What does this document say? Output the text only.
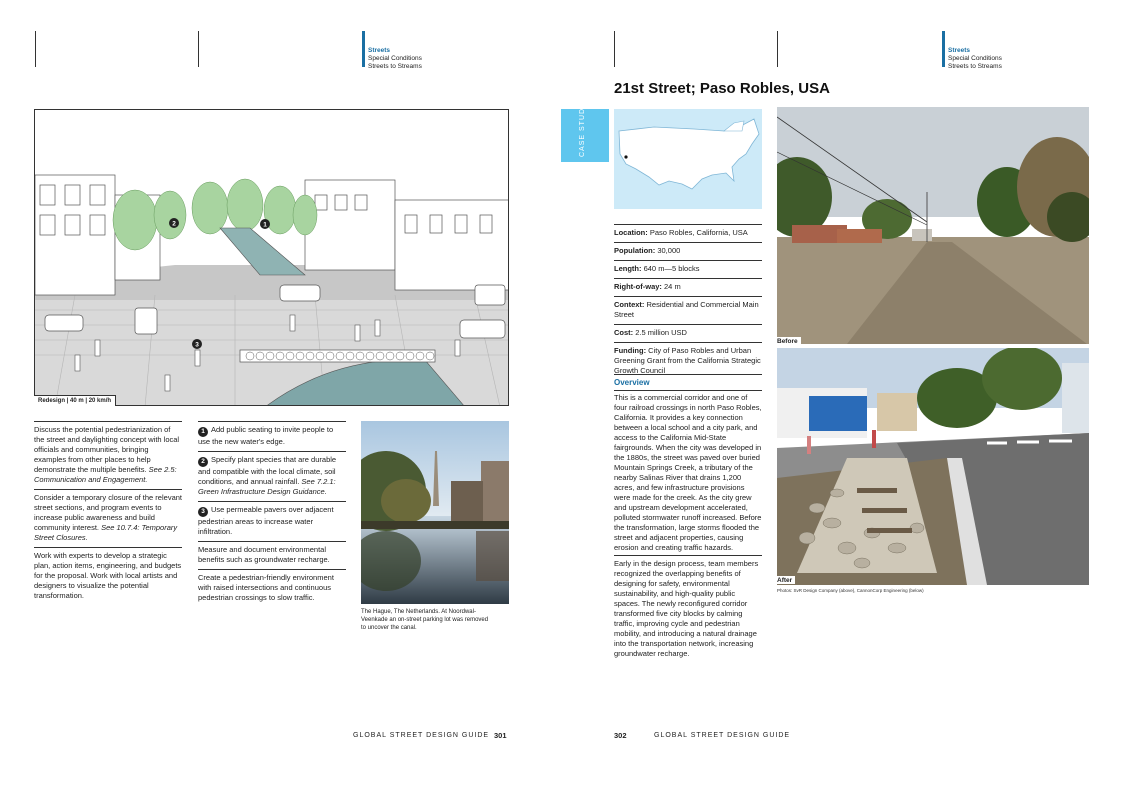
Streets
Special Conditions
Streets to Streams
Streets
Special Conditions
Streets to Streams
21st Street; Paso Robles, USA
2	1
3
Redesign | 40 m | 20 km/h

Discuss the potential pedestrianization of the street and daylighting concept with local officials and communities, bringing examples from other places to help demonstrate the multiple benefits. See 2.5: Communication and Engagement.

Consider a temporary closure of the relevant street sections, and program events to increase public awareness and build community interest. See 10.7.4: Temporary Street Closures.

Work with experts to develop a strategic plan, action items, engineering, and budgets for the proposal. Work with local artists and designers to visualize the potential transformation.

1 Add public seating to invite people to use the new water's edge.

2 Specify plant species that are durable and compatible with the local climate, soil conditions, and annual rainfall. See 7.2.1: Green Infrastructure Design Guidance.

3 Use permeable pavers over adjacent pedestrian areas to increase water infiltration.

Measure and document environmental benefits such as groundwater recharge.

Create a pedestrian-friendly environment with raised intersections and continuous pedestrian crossings to slow traffic.

The Hague, The Netherlands. At Noordwal-Veenkade an on-street parking lot was removed to uncover the canal.
CASE STUDY
Location: Paso Robles, California, USA
Population: 30,000
Length: 640 m—5 blocks
Right-of-way: 24 m
Context: Residential and Commercial Main Street
Cost: 2.5 million USD
Funding: City of Paso Robles and Urban Greening Grant from the California Strategic Growth Council
Overview

This is a commercial corridor and one of four railroad crossings in north Paso Robles, California. It provides a key connection between a local school and a city park, and access to the California Mid-State fairgrounds. When the city was developed in the 1880s, the street was paved over buried Mountain Springs Creek, a tributary of the nearby Salinas River that drains 1,200 acres, and few infrastructure provisions were made for the creek. As the city grew and upstream development accelerated, polluted stormwater runoff increased. Before the transformation, large storms flooded the street and adjacent properties, causing erosion and creating traffic hazards.

Early in the design process, team members recognized the overlapping benefits of designing for safety, environmental sustainability, and high-quality public spaces. The newly reconfigured corridor transformed five city blocks by calming traffic, improving cycle and pedestrian mobility, and introducing a natural drainage into the transportation network, increasing groundwater recharge.

Before
After
Photos: SvR Design Company (above), CannonCorp Engineering (below)
GLOBAL STREET DESIGN GUIDE 301	302	GLOBAL STREET DESIGN GUIDE
